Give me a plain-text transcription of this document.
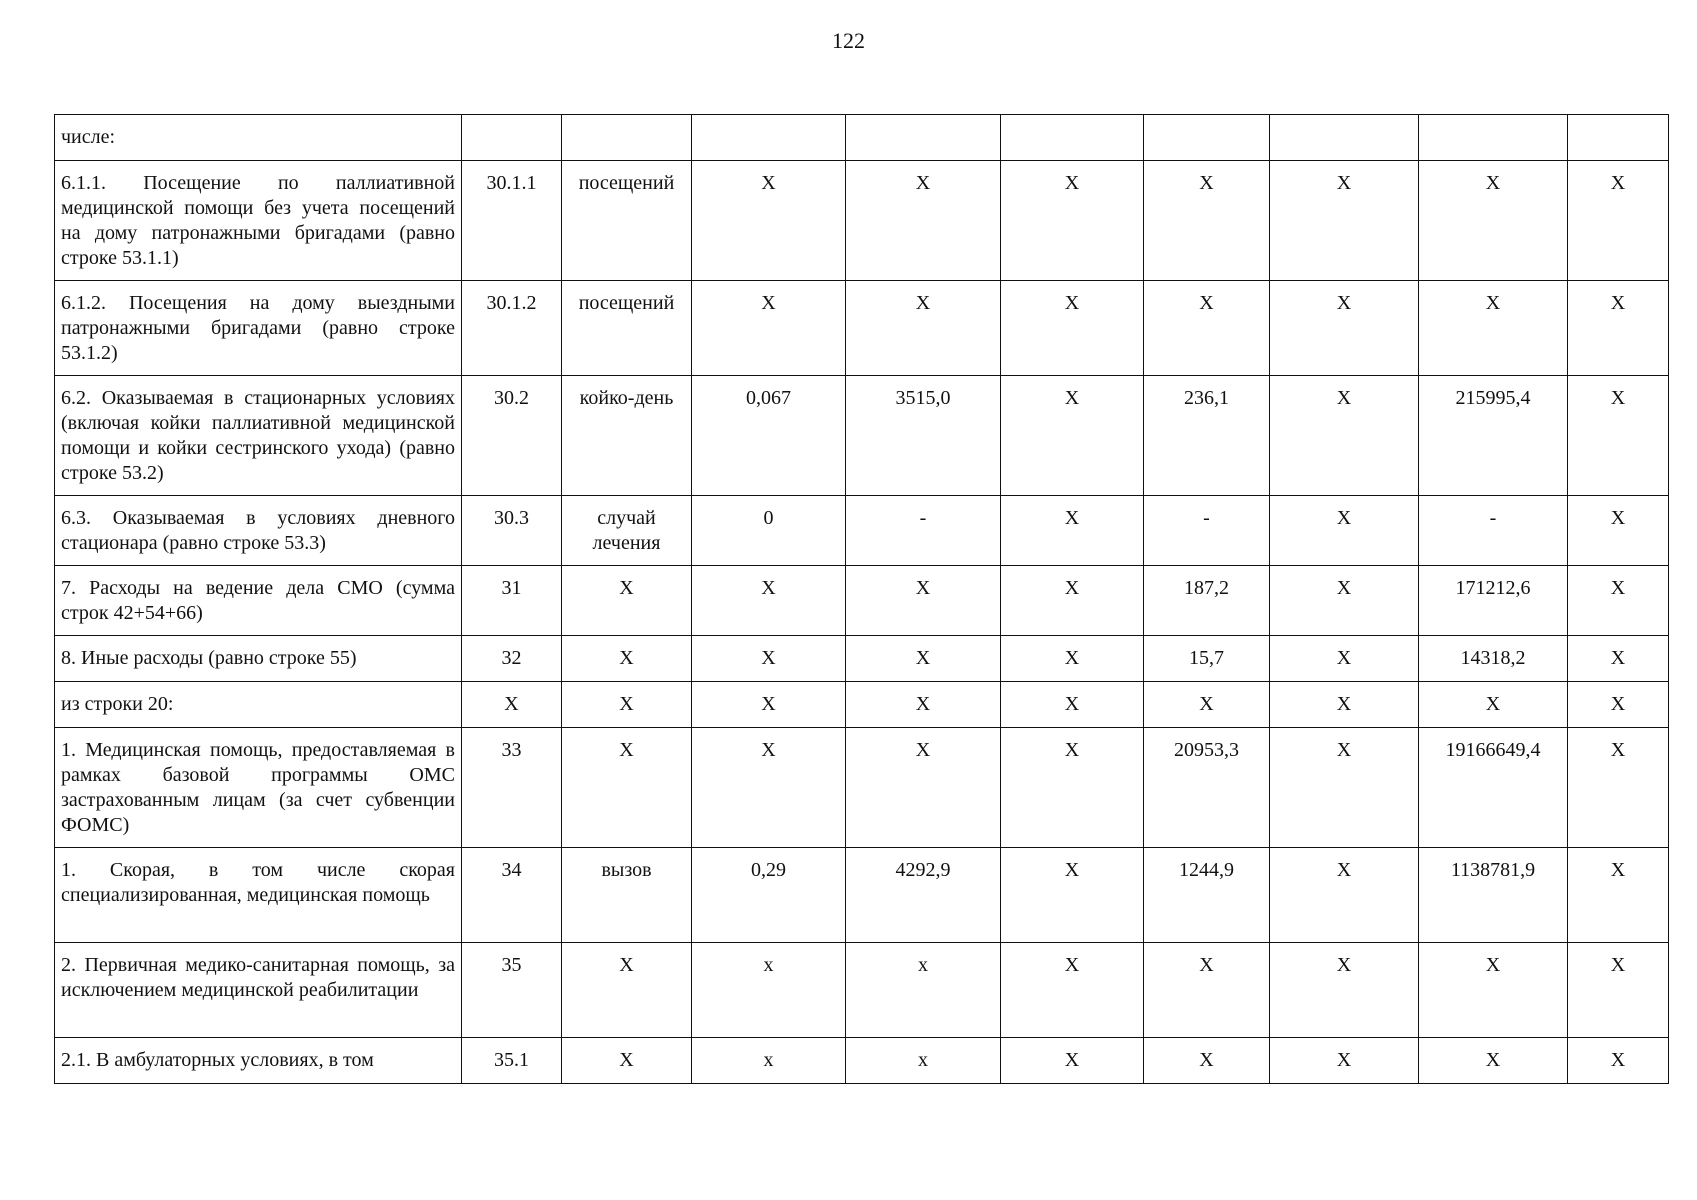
122
числе:									
6.1.1. Посещение по паллиативной медицинской помощи без учета посещений на дому патронажными бригадами (равно строке 53.1.1)	30.1.1	посещений	X	X	X	X	X	X	X
6.1.2. Посещения на дому выездными патронажными бригадами (равно строке 53.1.2)	30.1.2	посещений	X	X	X	X	X	X	X
6.2. Оказываемая в стационарных условиях (включая койки паллиативной медицинской помощи и койки сестринского ухода) (равно строке 53.2)	30.2	койко-день	0,067	3515,0	X	236,1	X	215995,4	X
6.3. Оказываемая в условиях дневного стационара (равно строке 53.3)	30.3	случай лечения	0	-	X	-	X	-	X
7. Расходы на ведение дела СМО (сумма строк 42+54+66)	31	X	X	X	X	187,2	X	171212,6	X
8. Иные расходы (равно строке 55)	32	X	X	X	X	15,7	X	14318,2	X
из строки 20:	X	X	X	X	X	X	X	X	X
1. Медицинская помощь, предоставляемая в рамках базовой программы ОМС застрахованным лицам (за счет субвенции ФОМС)	33	X	X	X	X	20953,3	X	19166649,4	X
1. Скорая, в том числе скорая специализированная, медицинская помощь	34	вызов	0,29	4292,9	X	1244,9	X	1138781,9	X
2. Первичная медико-санитарная помощь, за исключением медицинской реабилитации	35	X	x	x	X	X	X	X	X
2.1. В амбулаторных условиях, в том	35.1	X	x	x	X	X	X	X	X
